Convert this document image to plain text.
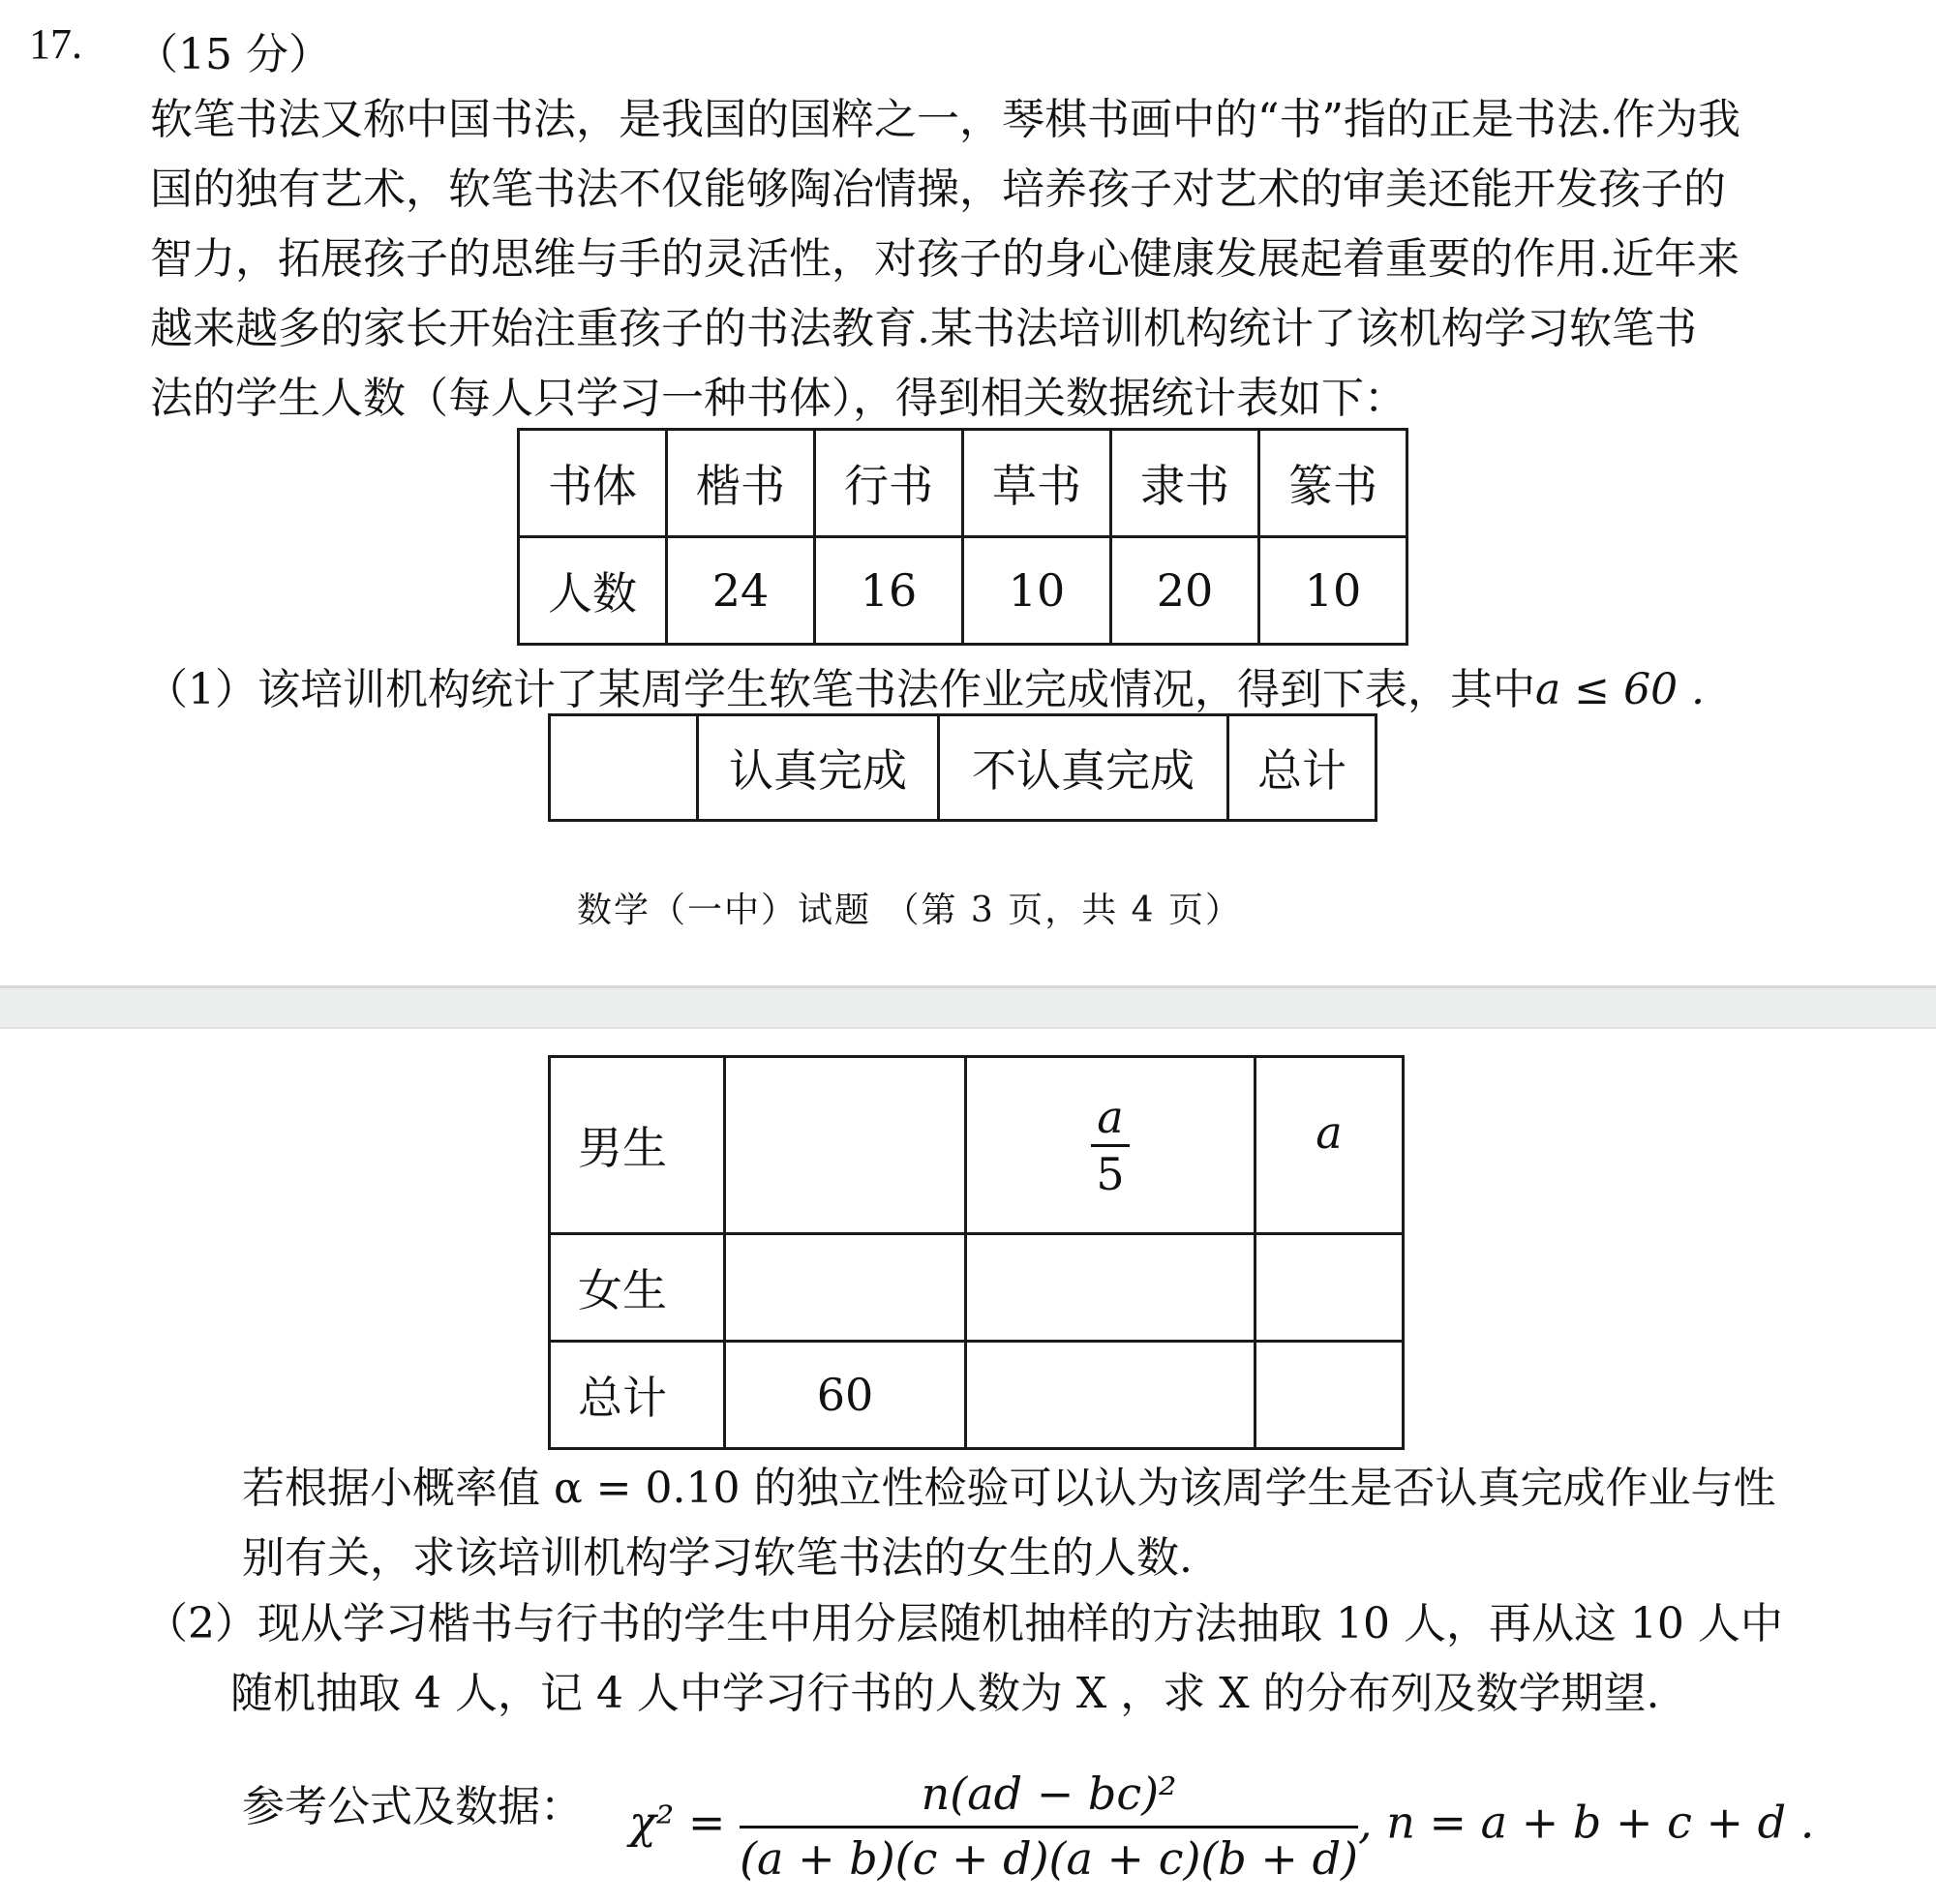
17. （15 分）
软笔书法又称中国书法，是我国的国粹之一，琴棋书画中的“书”指的正是书法.作为我
国的独有艺术，软笔书法不仅能够陶冶情操，培养孩子对艺术的审美还能开发孩子的
智力，拓展孩子的思维与手的灵活性，对孩子的身心健康发展起着重要的作用.近年来
越来越多的家长开始注重孩子的书法教育.某书法培训机构统计了该机构学习软笔书
法的学生人数（每人只学习一种书体），得到相关数据统计表如下：
书体	楷书	行书	草书	隶书	篆书
人数	24	16	10	20	10
（1）该培训机构统计了某周学生软笔书法作业完成情况，得到下表，其中a ≤ 60 .
	认真完成	不认真完成	总计
数学（一中）试题 （第 3 页，共 4 页）
男生		$\frac{a}{5}$	a
女生			
总计	60		
若根据小概率值 α = 0.10 的独立性检验可以认为该周学生是否认真完成作业与性
别有关，求该培训机构学习软笔书法的女生的人数.
（2）现从学习楷书与行书的学生中用分层随机抽样的方法抽取 10 人，再从这 10 人中
　　随机抽取 4 人，记 4 人中学习行书的人数为 X ，求 X 的分布列及数学期望.
参考公式及数据： $\chi^2 = \frac{\text{n(ad − bc)²}}{(a + b)(c + d)(a + c)(b + d)}$ , n = a + b + c + d .
